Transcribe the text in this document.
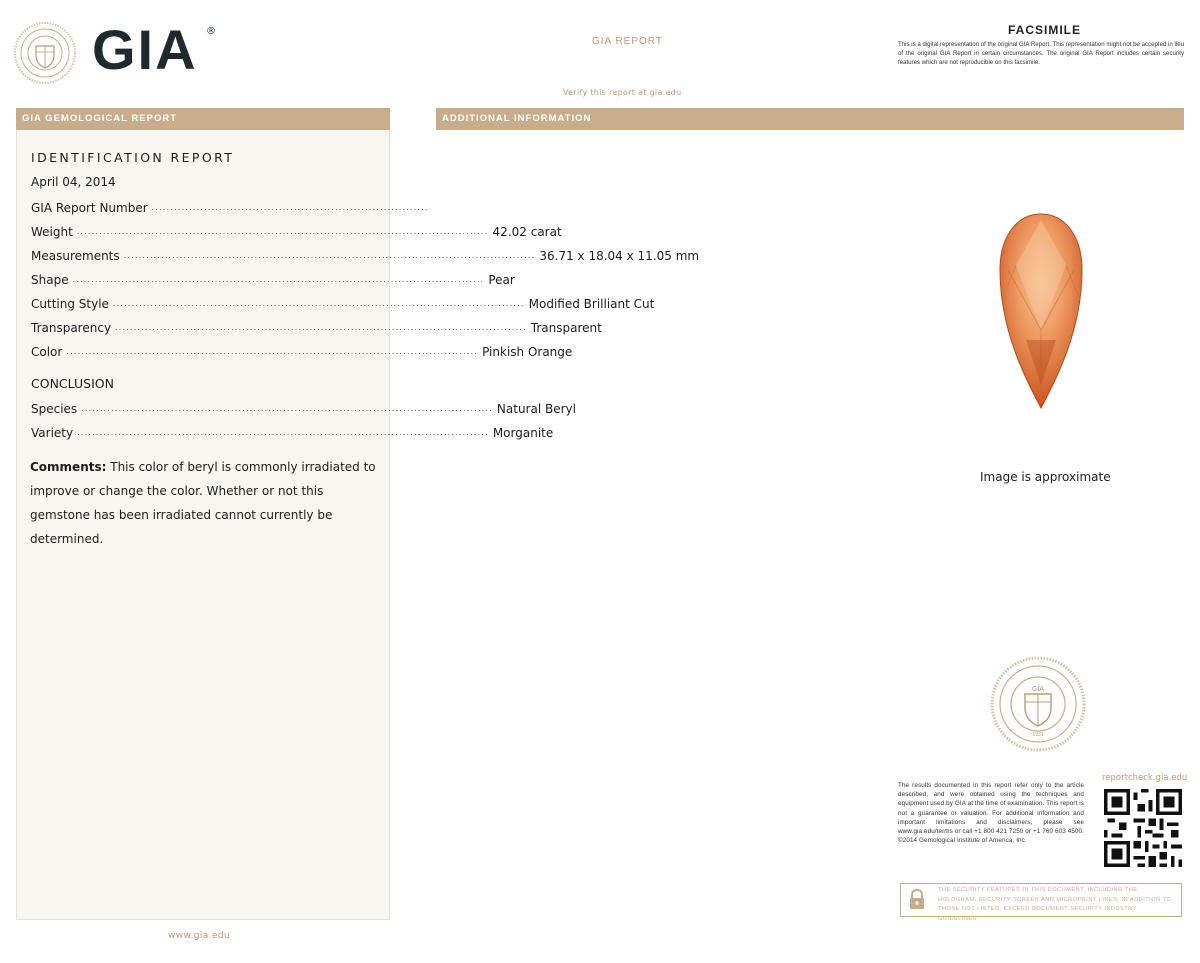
GIA ®
GIA REPORT
Verify this report at gia.edu
FACSIMILE
This is a digital representation of the original GIA Report. This representation might not be accepted in lieu of the original GIA Report in certain circumstances. The original GIA Report includes certain security features which are not reproducible on this facsimile.
GIA GEMOLOGICAL REPORT	ADDITIONAL INFORMATION
IDENTIFICATION REPORT
April 04, 2014
GIA Report Number ..........................................................................
Weight .............................................................................................................. 42.02 carat
Measurements .............................................................................................................. 36.71 x 18.04 x 11.05 mm
Shape .............................................................................................................. Pear
Cutting Style .............................................................................................................. Modified Brilliant Cut
Transparency .............................................................................................................. Transparent
Color .............................................................................................................. Pinkish Orange
CONCLUSION
Species .............................................................................................................. Natural Beryl
Variety .............................................................................................................. Morganite
Comments: This color of beryl is commonly irradiated to improve or change the color. Whether or not this gemstone has been irradiated cannot currently be determined.
www.gia.edu
Image is approximate
GIA
1931
The results documented in this report refer only to the article described, and were obtained using the techniques and equipment used by GIA at the time of examination. This report is not a guarantee or valuation. For additional information and important limitations and disclaimers, please see www.gia.edu/terms or call +1 800 421 7250 or +1 760 603 4500. ©2014 Gemological Institute of America, Inc.
reportcheck.gia.edu
THE SECURITY FEATURES IN THIS DOCUMENT, INCLUDING THE HOLOGRAM, SECURITY SCREEN AND MICROPRINT LINES, IN ADDITION TO THOSE NOT LISTED, EXCEED DOCUMENT SECURITY INDUSTRY GUIDELINES.
